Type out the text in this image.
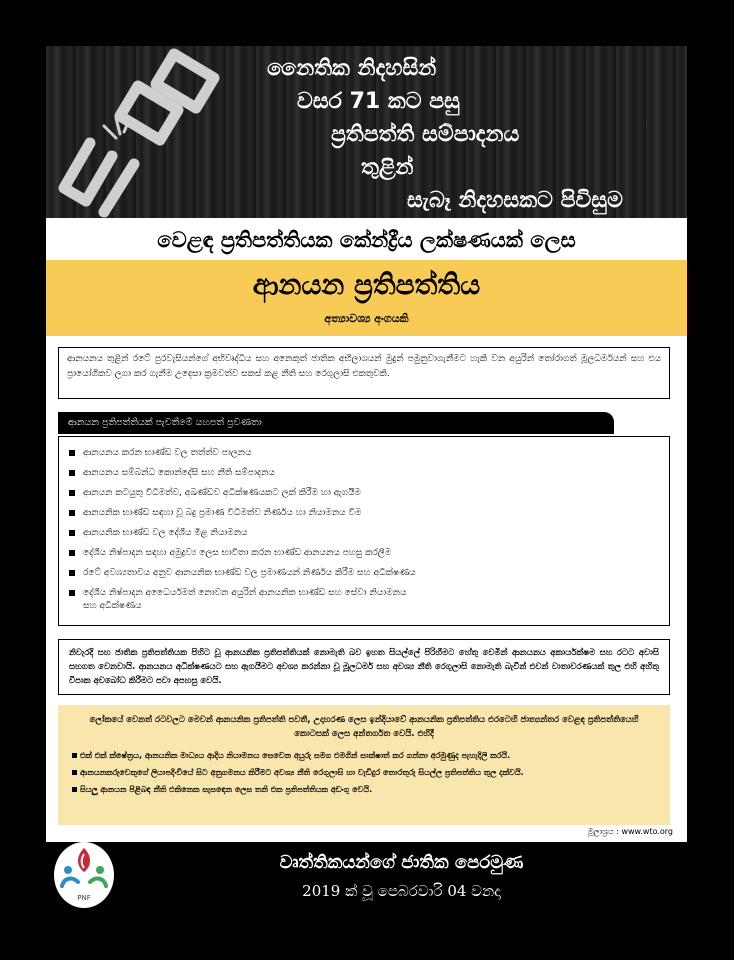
නෛතික නිදහසින්
වසර 71 කට පසු
ප්‍රතිපත්ති සම්පාදනය
තුළින්
සැබෑ නිදහසකට පිවිසුම
වෙළඳ ප්‍රතිපත්තියක කේන්ද්‍රීය ලක්ෂණයක් ලෙස
ආනයන ප්‍රතිපත්තිය
අත්‍යාවශ්‍ය අංගයකි
ආනයනය තුළින් රටේ පුරවැසියන්ගේ අභිවෘද්ධිය සහ අනෙකුත් ජාතික අභිලාශයන් මුදුන් පමුනුවාගැනීමට හැකි වන අයුරින් තෝරාගත් මූලධර්මයන් සහ එය ප්‍රායෝගිකව ලගා කර ගැනීම උදෙසා ක්‍රමවත්ව සකස් කළ නීති සහ රෙගුලාසි එකතුවකි.
ආනයන ප්‍රතිපත්තියක් පැවතීමේ යහපත් ප්‍රවණතා
ආනයනය කරන භාණ්ඩ වල තත්ත්ව පාලනය
ආනයනය සම්බන්ධ කොන්දේසි සහ නීති සම්පාදනය
ආනයන කටයුතු විධිමත්ව, අඛණ්ඩව අධීක්ෂණයකට ලක් කිරීම හා ඇගයීම
ආනයනික භාණ්ඩ සඳහා වූ බදු ප්‍රමාණ විධිමත්ව නිර්ණය හා නියාමනය වීම
ආනයනික භාණ්ඩ වල දේශීය මිළ නියාමනය
දේශීය නිෂ්පාදන සඳහා අමුද්‍රව්‍ය ලෙස භාවිතා කරන භාණ්ඩ ආනයනය පහසු කරලීම
රටේ අවශ්‍යතාවය අනුව ආනයනික භාණ්ඩ වල ප්‍රමාණයන් නිර්ණය කිරීම සහ අධීක්ෂණය
දේශීය නිෂ්පාදන අධෛර්යමත් නොවන අයුරින් ආනයනික භාණ්ඩ සහ සේවා නියාමනය
සහ අධීක්ෂණය
නිවැරදි සහ ජාතික ප්‍රතිපත්තියක පිහිට වූ ආනයනික ප්‍රතිපත්තියක් නොමැති බව ඉහත සියල්ලේ පිරිහීමට හේතු වෙමින් ආනයනය අකාර්යක්ෂම සහ රටට අවාසි සහගත වෙනවායි. ආනයනය අධීක්ෂණයට සහ ඇගයීමට අවශ්‍ය කරන්නා වූ මූලධර්ම සහ අවශ්‍ය නීති රෙගුලාසි නොමැති බැවින් එවන් වාතාවරණයක් තුල එහි අහිතු විපාක අවබෝධ කිරීමට පවා අපහසු වෙයි.
ලෝකයේ වෙනත් රටවලට මෙවන් ආනයනික ප්‍රතිපත්ති පවතී, උදාහරණ ලෙස ඉන්දියාවේ ආනයනික ප්‍රතිපත්තිය එරටෙහි ජාත්‍යන්තර වෙළඳ ප්‍රතිපත්තියෙහි කොටසක් ලෙස අන්තර්ගත වෙයි. එහිදී
එක් එක් ක්ෂේත්‍රය, ආනයනික මාධ්‍යය ආදිය නියාමනය සෙවෙන අයුරු සමග එමගින් සාක්ෂාත් කර ගන්නා අරමුණුද පැහැදිලි කරයි.
ආනයනකරුවෙකුගේ ලියාපදිංචියේ සිට අනුගමනය කිරීමට අවශ්‍ය නීති රෙගුලාසි හා වැඩිදුර තොරතුරු සියල්ල ප්‍රතිපත්තිය තුල දක්වයි.
සියලු ආනයන පිළිබඳ නීති එකිනෙක සැසඳෙන ලෙස තනි එක ප්‍රතිපත්තියක අඩංගු වෙයි.
මූලාශ්‍රය : www.wto.org
PNF
වෘත්තිකයන්ගේ ජාතික පෙරමුණ
2019 ක් වූ පෙබරවාරි 04 වනදා
